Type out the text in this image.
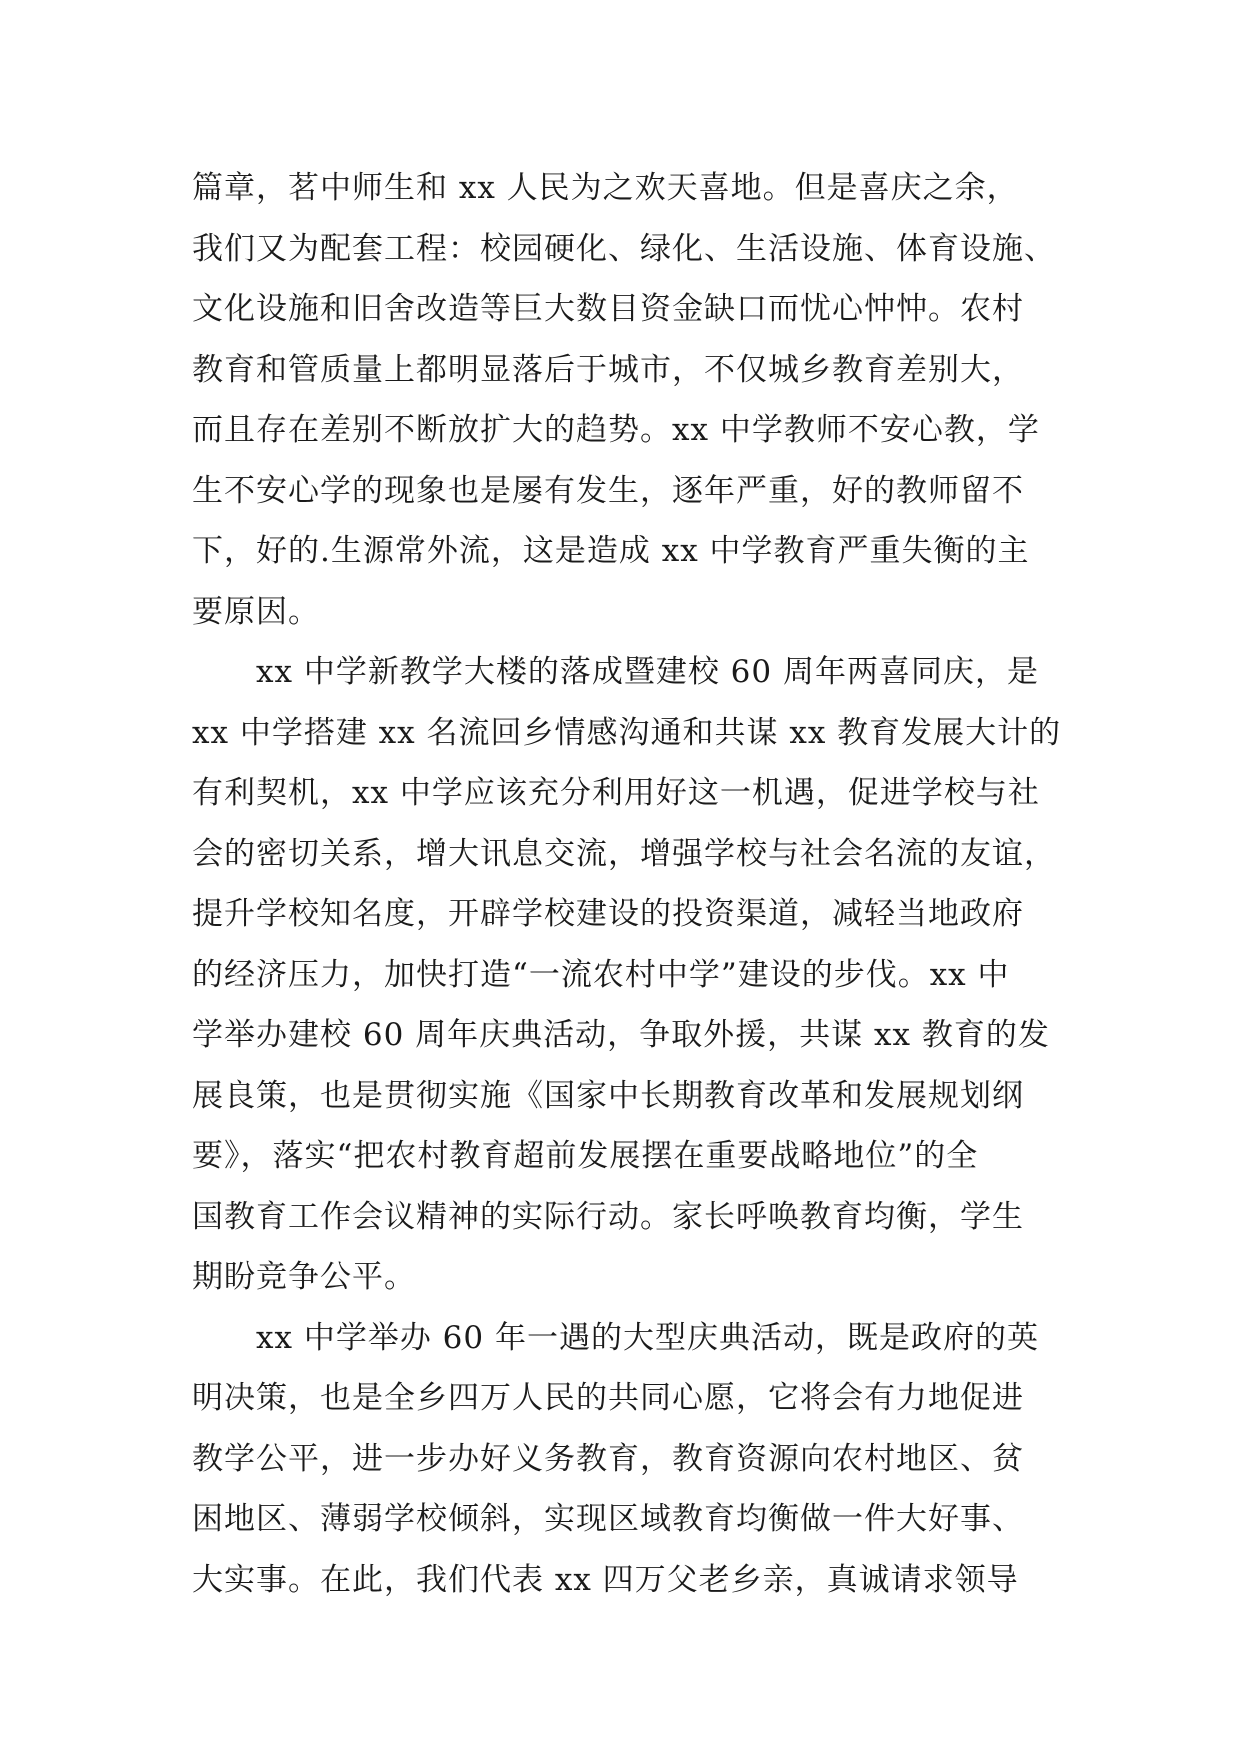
篇章，茗中师生和 xx 人民为之欢天喜地。但是喜庆之余，
我们又为配套工程：校园硬化、绿化、生活设施、体育设施、
文化设施和旧舍改造等巨大数目资金缺口而忧心忡忡。农村
教育和管质量上都明显落后于城市，不仅城乡教育差别大，
而且存在差别不断放扩大的趋势。xx 中学教师不安心教，学
生不安心学的现象也是屡有发生，逐年严重，好的教师留不
下，好的.生源常外流，这是造成 xx 中学教育严重失衡的主
要原因。
xx 中学新教学大楼的落成暨建校 60 周年两喜同庆，是
xx 中学搭建 xx 名流回乡情感沟通和共谋 xx 教育发展大计的
有利契机，xx 中学应该充分利用好这一机遇，促进学校与社
会的密切关系，增大讯息交流，增强学校与社会名流的友谊，
提升学校知名度，开辟学校建设的投资渠道，减轻当地政府
的经济压力，加快打造“一流农村中学”建设的步伐。xx 中
学举办建校 60 周年庆典活动，争取外援，共谋 xx 教育的发
展良策，也是贯彻实施《国家中长期教育改革和发展规划纲
要》，落实“把农村教育超前发展摆在重要战略地位”的全
国教育工作会议精神的实际行动。家长呼唤教育均衡，学生
期盼竞争公平。
xx 中学举办 60 年一遇的大型庆典活动，既是政府的英
明决策，也是全乡四万人民的共同心愿，它将会有力地促进
教学公平，进一步办好义务教育，教育资源向农村地区、贫
困地区、薄弱学校倾斜，实现区域教育均衡做一件大好事、
大实事。在此，我们代表 xx 四万父老乡亲，真诚请求领导
